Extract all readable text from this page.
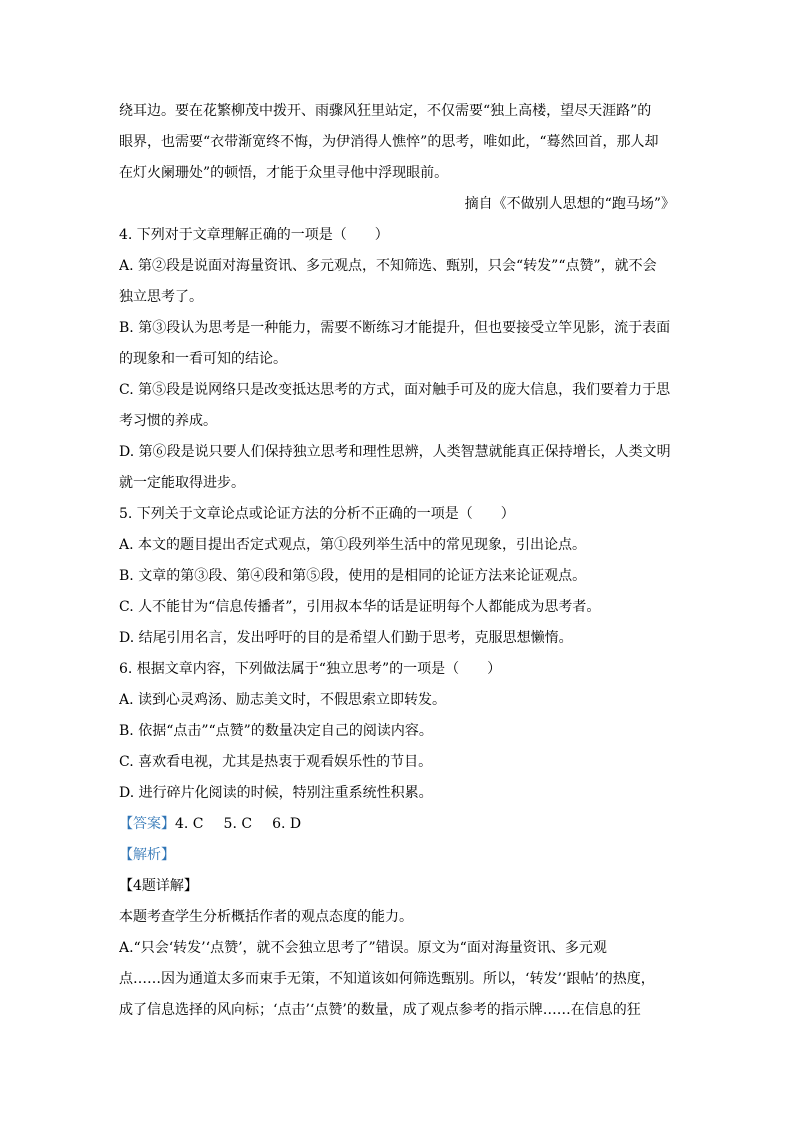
绕耳边。要在花繁柳茂中拨开、雨骤风狂里站定，不仅需要“独上高楼，望尽天涯路”的
眼界，也需要“衣带渐宽终不悔，为伊消得人憔悴”的思考，唯如此，“蓦然回首，那人却
在灯火阑珊处”的顿悟，才能于众里寻他中浮现眼前。
摘自《不做别人思想的“跑马场”》
4. 下列对于文章理解正确的一项是（　　）
A. 第②段是说面对海量资讯、多元观点，不知筛选、甄别，只会“转发”“点赞”，就不会
独立思考了。
B. 第③段认为思考是一种能力，需要不断练习才能提升，但也要接受立竿见影，流于表面
的现象和一看可知的结论。
C. 第⑤段是说网络只是改变抵达思考的方式，面对触手可及的庞大信息，我们要着力于思
考习惯的养成。
D. 第⑥段是说只要人们保持独立思考和理性思辨，人类智慧就能真正保持增长，人类文明
就一定能取得进步。
5. 下列关于文章论点或论证方法的分析不正确的一项是（　　）
A. 本文的题目提出否定式观点，第①段列举生活中的常见现象，引出论点。
B. 文章的第③段、第④段和第⑤段，使用的是相同的论证方法来论证观点。
C. 人不能甘为“信息传播者”，引用叔本华的话是证明每个人都能成为思考者。
D. 结尾引用名言，发出呼吁的目的是希望人们勤于思考，克服思想懒惰。
6. 根据文章内容，下列做法属于“独立思考”的一项是（　　）
A. 读到心灵鸡汤、励志美文时，不假思索立即转发。
B. 依据“点击”“点赞”的数量决定自己的阅读内容。
C. 喜欢看电视，尤其是热衷于观看娱乐性的节目。
D. 进行碎片化阅读的时候，特别注重系统性积累。
【答案】4. C 5. C 6. D
【解析】
【4题详解】
本题考查学生分析概括作者的观点态度的能力。
A.“只会‘转发’‘点赞’，就不会独立思考了”错误。原文为“面对海量资讯、多元观
点……因为通道太多而束手无策，不知道该如何筛选甄别。所以，‘转发’‘跟帖’的热度，
成了信息选择的风向标；‘点击’‘点赞’的数量，成了观点参考的指示牌……在信息的狂
